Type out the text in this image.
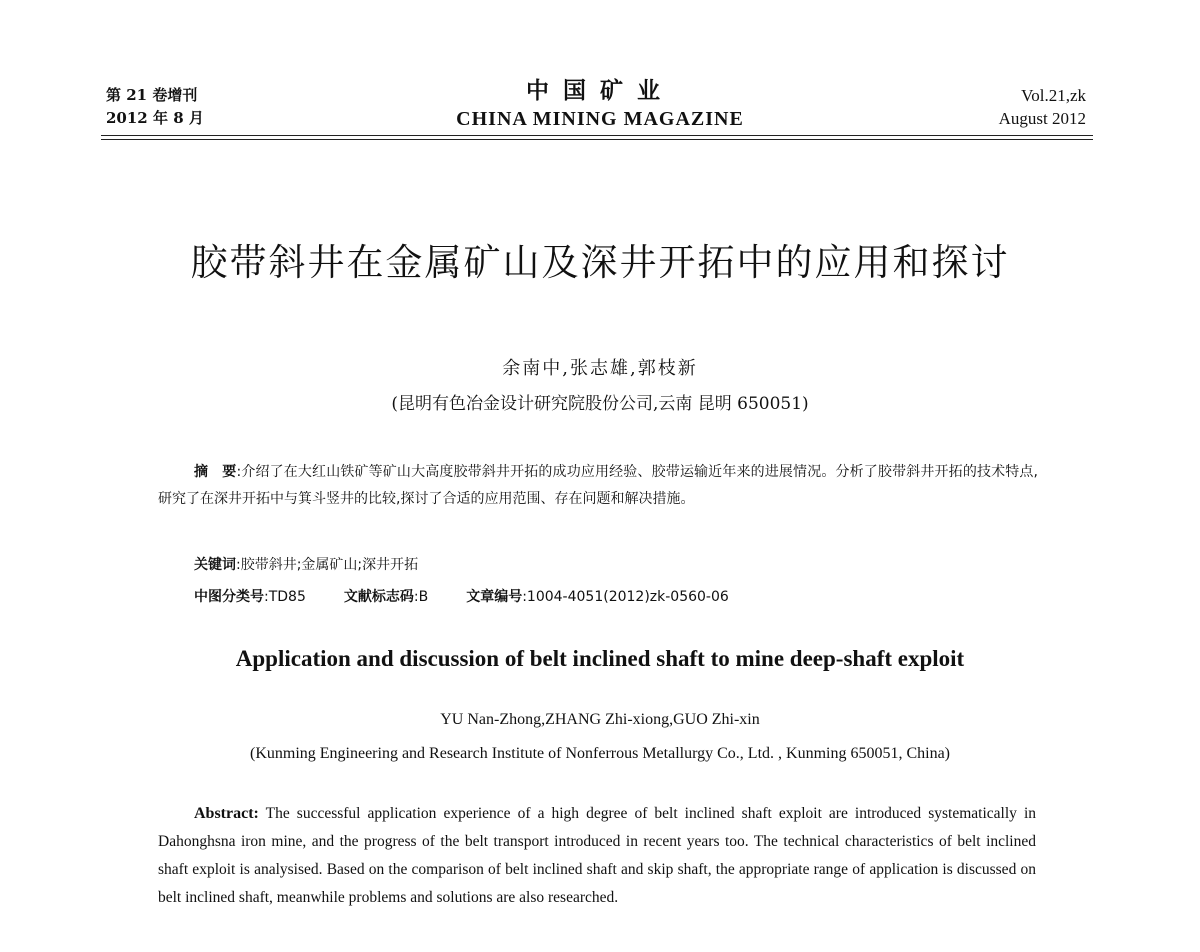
第 21 卷增刊
2012 年 8 月
中国矿业
CHINA MINING MAGAZINE
Vol.21,zk
August 2012
胶带斜井在金属矿山及深井开拓中的应用和探讨
余南中,张志雄,郭枝新
(昆明有色冶金设计研究院股份公司,云南 昆明 650051)

摘　要:介绍了在大红山铁矿等矿山大高度胶带斜井开拓的成功应用经验、胶带运输近年来的进展情况。分析了胶带斜井开拓的技术特点,研究了在深井开拓中与箕斗竖井的比较,探讨了合适的应用范围、存在问题和解决措施。

关键词:胶带斜井;金属矿山;深井开拓
中图分类号:TD85	文献标志码:B	文章编号:1004-4051(2012)zk-0560-06
Application and discussion of belt inclined shaft to mine deep-shaft exploit
YU Nan-Zhong,ZHANG Zhi-xiong,GUO Zhi-xin
(Kunming Engineering and Research Institute of Nonferrous Metallurgy Co., Ltd. , Kunming 650051, China)

Abstract: The successful application experience of a high degree of belt inclined shaft exploit are introduced systematically in Dahonghsna iron mine, and the progress of the belt transport introduced in recent years too. The technical characteristics of belt inclined shaft exploit is analysised. Based on the comparison of belt inclined shaft and skip shaft, the appropriate range of application is discussed on belt inclined shaft, meanwhile problems and solutions are also researched.
